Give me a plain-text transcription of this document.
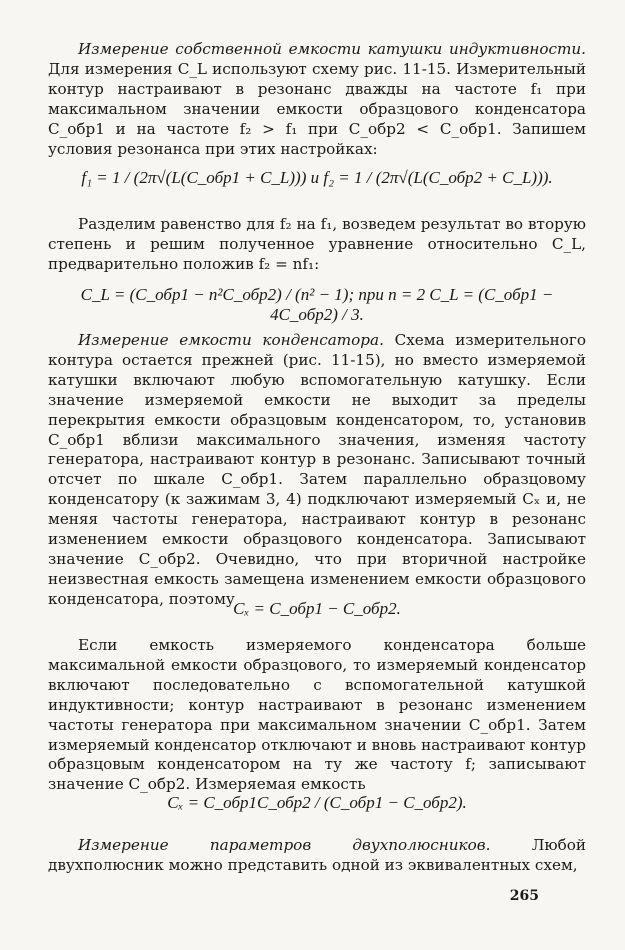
Измерение собственной емкости катушки индуктивности. Для измерения C_L используют схему рис. 11-15. Измерительный контур настраивают в резонанс дважды на частоте f₁ при максимальном значении емкости образцового конденсатора C_обр1 и на частоте f₂ > f₁ при C_обр2 < C_обр1. Запишем условия резонанса при этих настройках:

f₁ = 1 / (2π√(L(C_обр1 + C_L))) и f₂ = 1 / (2π√(L(C_обр2 + C_L))).

Разделим равенство для f₂ на f₁, возведем результат во вторую степень и решим полученное уравнение относительно C_L, предварительно положив f₂ = nf₁:

C_L = (C_обр1 − n²C_обр2) / (n² − 1); при n = 2 C_L = (C_обр1 − 4C_обр2) / 3.

Измерение емкости конденсатора. Схема измерительного контура остается прежней (рис. 11-15), но вместо измеряемой катушки включают любую вспомогательную катушку. Если значение измеряемой емкости не выходит за пределы перекрытия емкости образцовым конденсатором, то, установив C_обр1 вблизи максимального значения, изменяя частоту генератора, настраивают контур в резонанс. Записывают точный отсчет по шкале C_обр1. Затем параллельно образцовому конденсатору (к зажимам 3, 4) подключают измеряемый Cₓ и, не меняя частоты генератора, настраивают контур в резонанс изменением емкости образцового конденсатора. Записывают значение C_обр2. Очевидно, что при вторичной настройке неизвестная емкость замещена изменением емкости образцового конденсатора, поэтому

Cₓ = C_обр1 − C_обр2.

Если емкость измеряемого конденсатора больше максимальной емкости образцового, то измеряемый конденсатор включают последовательно с вспомогательной катушкой индуктивности; контур настраивают в резонанс изменением частоты генератора при максимальном значении C_обр1. Затем измеряемый конденсатор отключают и вновь настраивают контур образцовым конденсатором на ту же частоту f; записывают значение C_обр2. Измеряемая емкость

Cₓ = C_обр1C_обр2 / (C_обр1 − C_обр2).

Измерение параметров двухполюсников.	Любой двухполюсник можно представить одной из эквивалентных схем,

265
